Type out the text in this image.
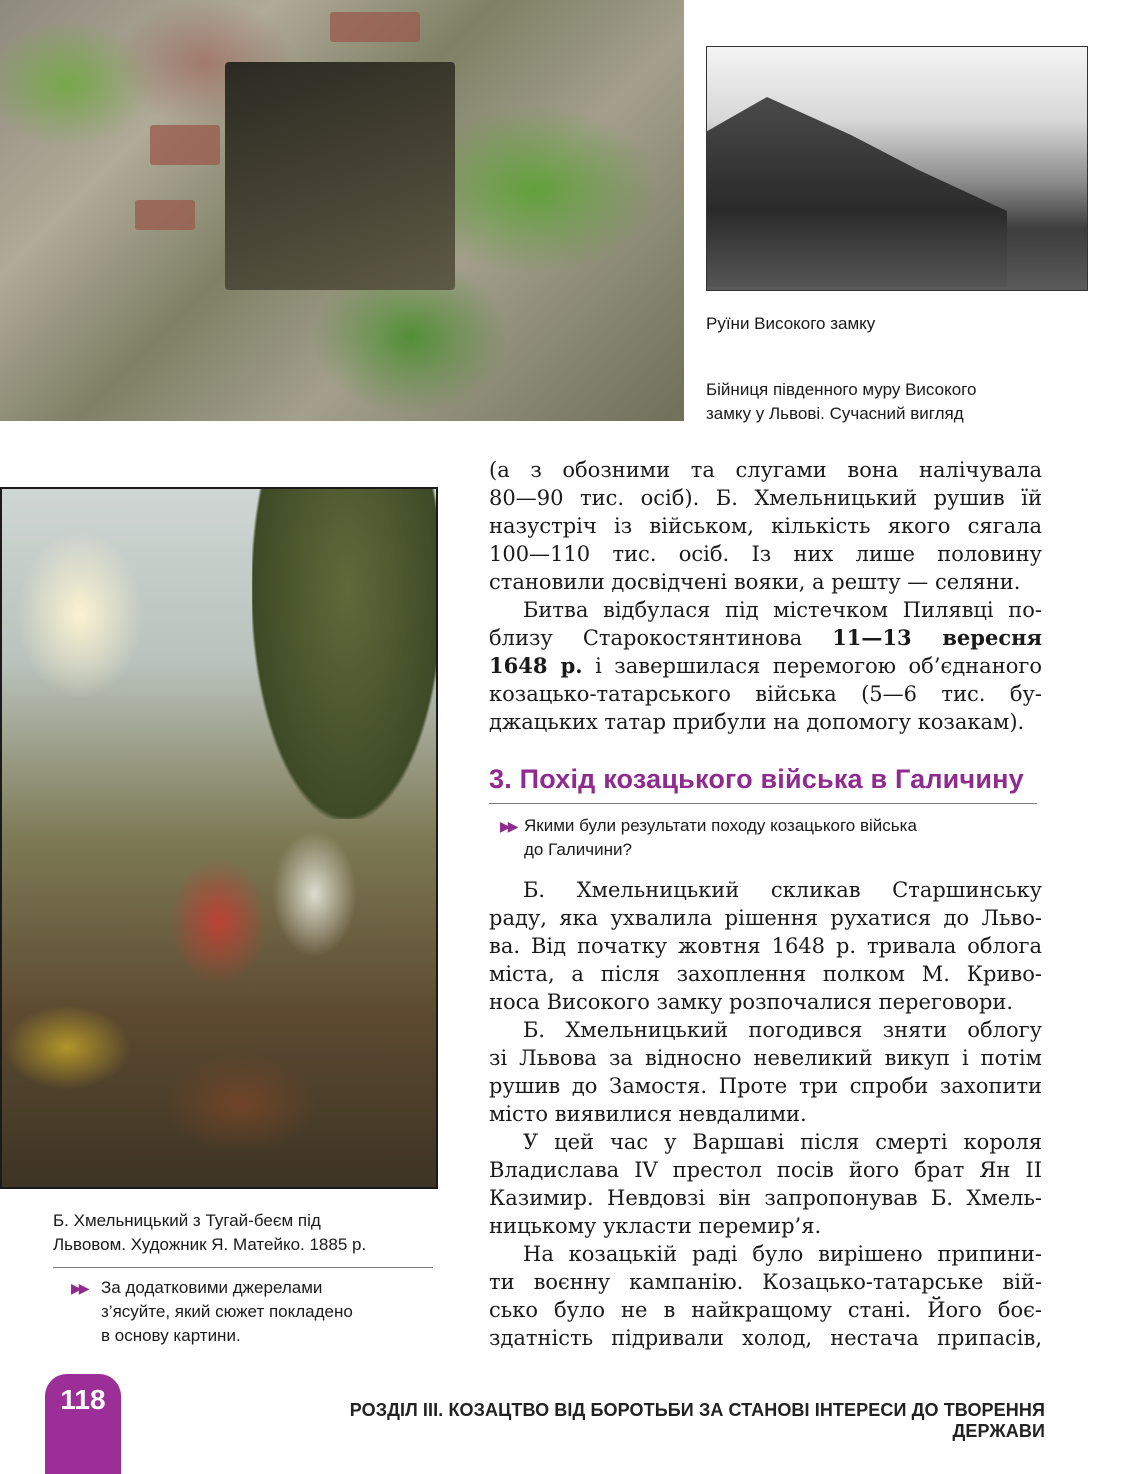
Руїни Високого замку
Бійниця південного муру Високого
замку у Львові. Сучасний вигляд
Б. Хмельницький з Тугай-беєм під
Львовом. Художник Я. Матейко. 1885 р.
▶▶ За додатковими джерелами
з’ясуйте, який сюжет покладено
в основу картини.
(а з обозними та слугами вона налічувала
80—90 тис. осіб). Б. Хмельницький рушив їй
назустріч із військом, кількість якого сягала
100—110 тис. осіб. Із них лише половину
становили досвідчені вояки, а решту — селяни.
Битва відбулася під містечком Пилявці по-
близу Старокостянтинова 11—13 вересня
1648 р. і завершилася перемогою об’єднаного
козацько-татарського війська (5—6 тис. бу-
джацьких татар прибули на допомогу козакам).
3. Похід козацького війська в Галичину
▶▶ Якими були результати походу козацького війська
до Галичини?
Б. Хмельницький скликав Старшинську
раду, яка ухвалила рішення рухатися до Льво-
ва. Від початку жовтня 1648 р. тривала облога
міста, а після захоплення полком М. Криво-
носа Високого замку розпочалися переговори.
Б. Хмельницький погодився зняти облогу
зі Львова за відносно невеликий викуп і потім
рушив до Замостя. Проте три спроби захопити
місто виявилися невдалими.
У цей час у Варшаві після смерті короля
Владислава IV престол посів його брат Ян II
Казимир. Невдовзі він запропонував Б. Хмель-
ницькому укласти перемир’я.
На козацькій раді було вирішено припини-
ти воєнну кампанію. Козацько-татарське вій-
сько було не в найкращому стані. Його боє-
здатність підривали холод, нестача припасів,
118	РОЗДІЛ ІІІ. КОЗАЦТВО ВІД БОРОТЬБИ ЗА СТАНОВІ ІНТЕРЕСИ ДО ТВОРЕННЯ ДЕРЖАВИ
